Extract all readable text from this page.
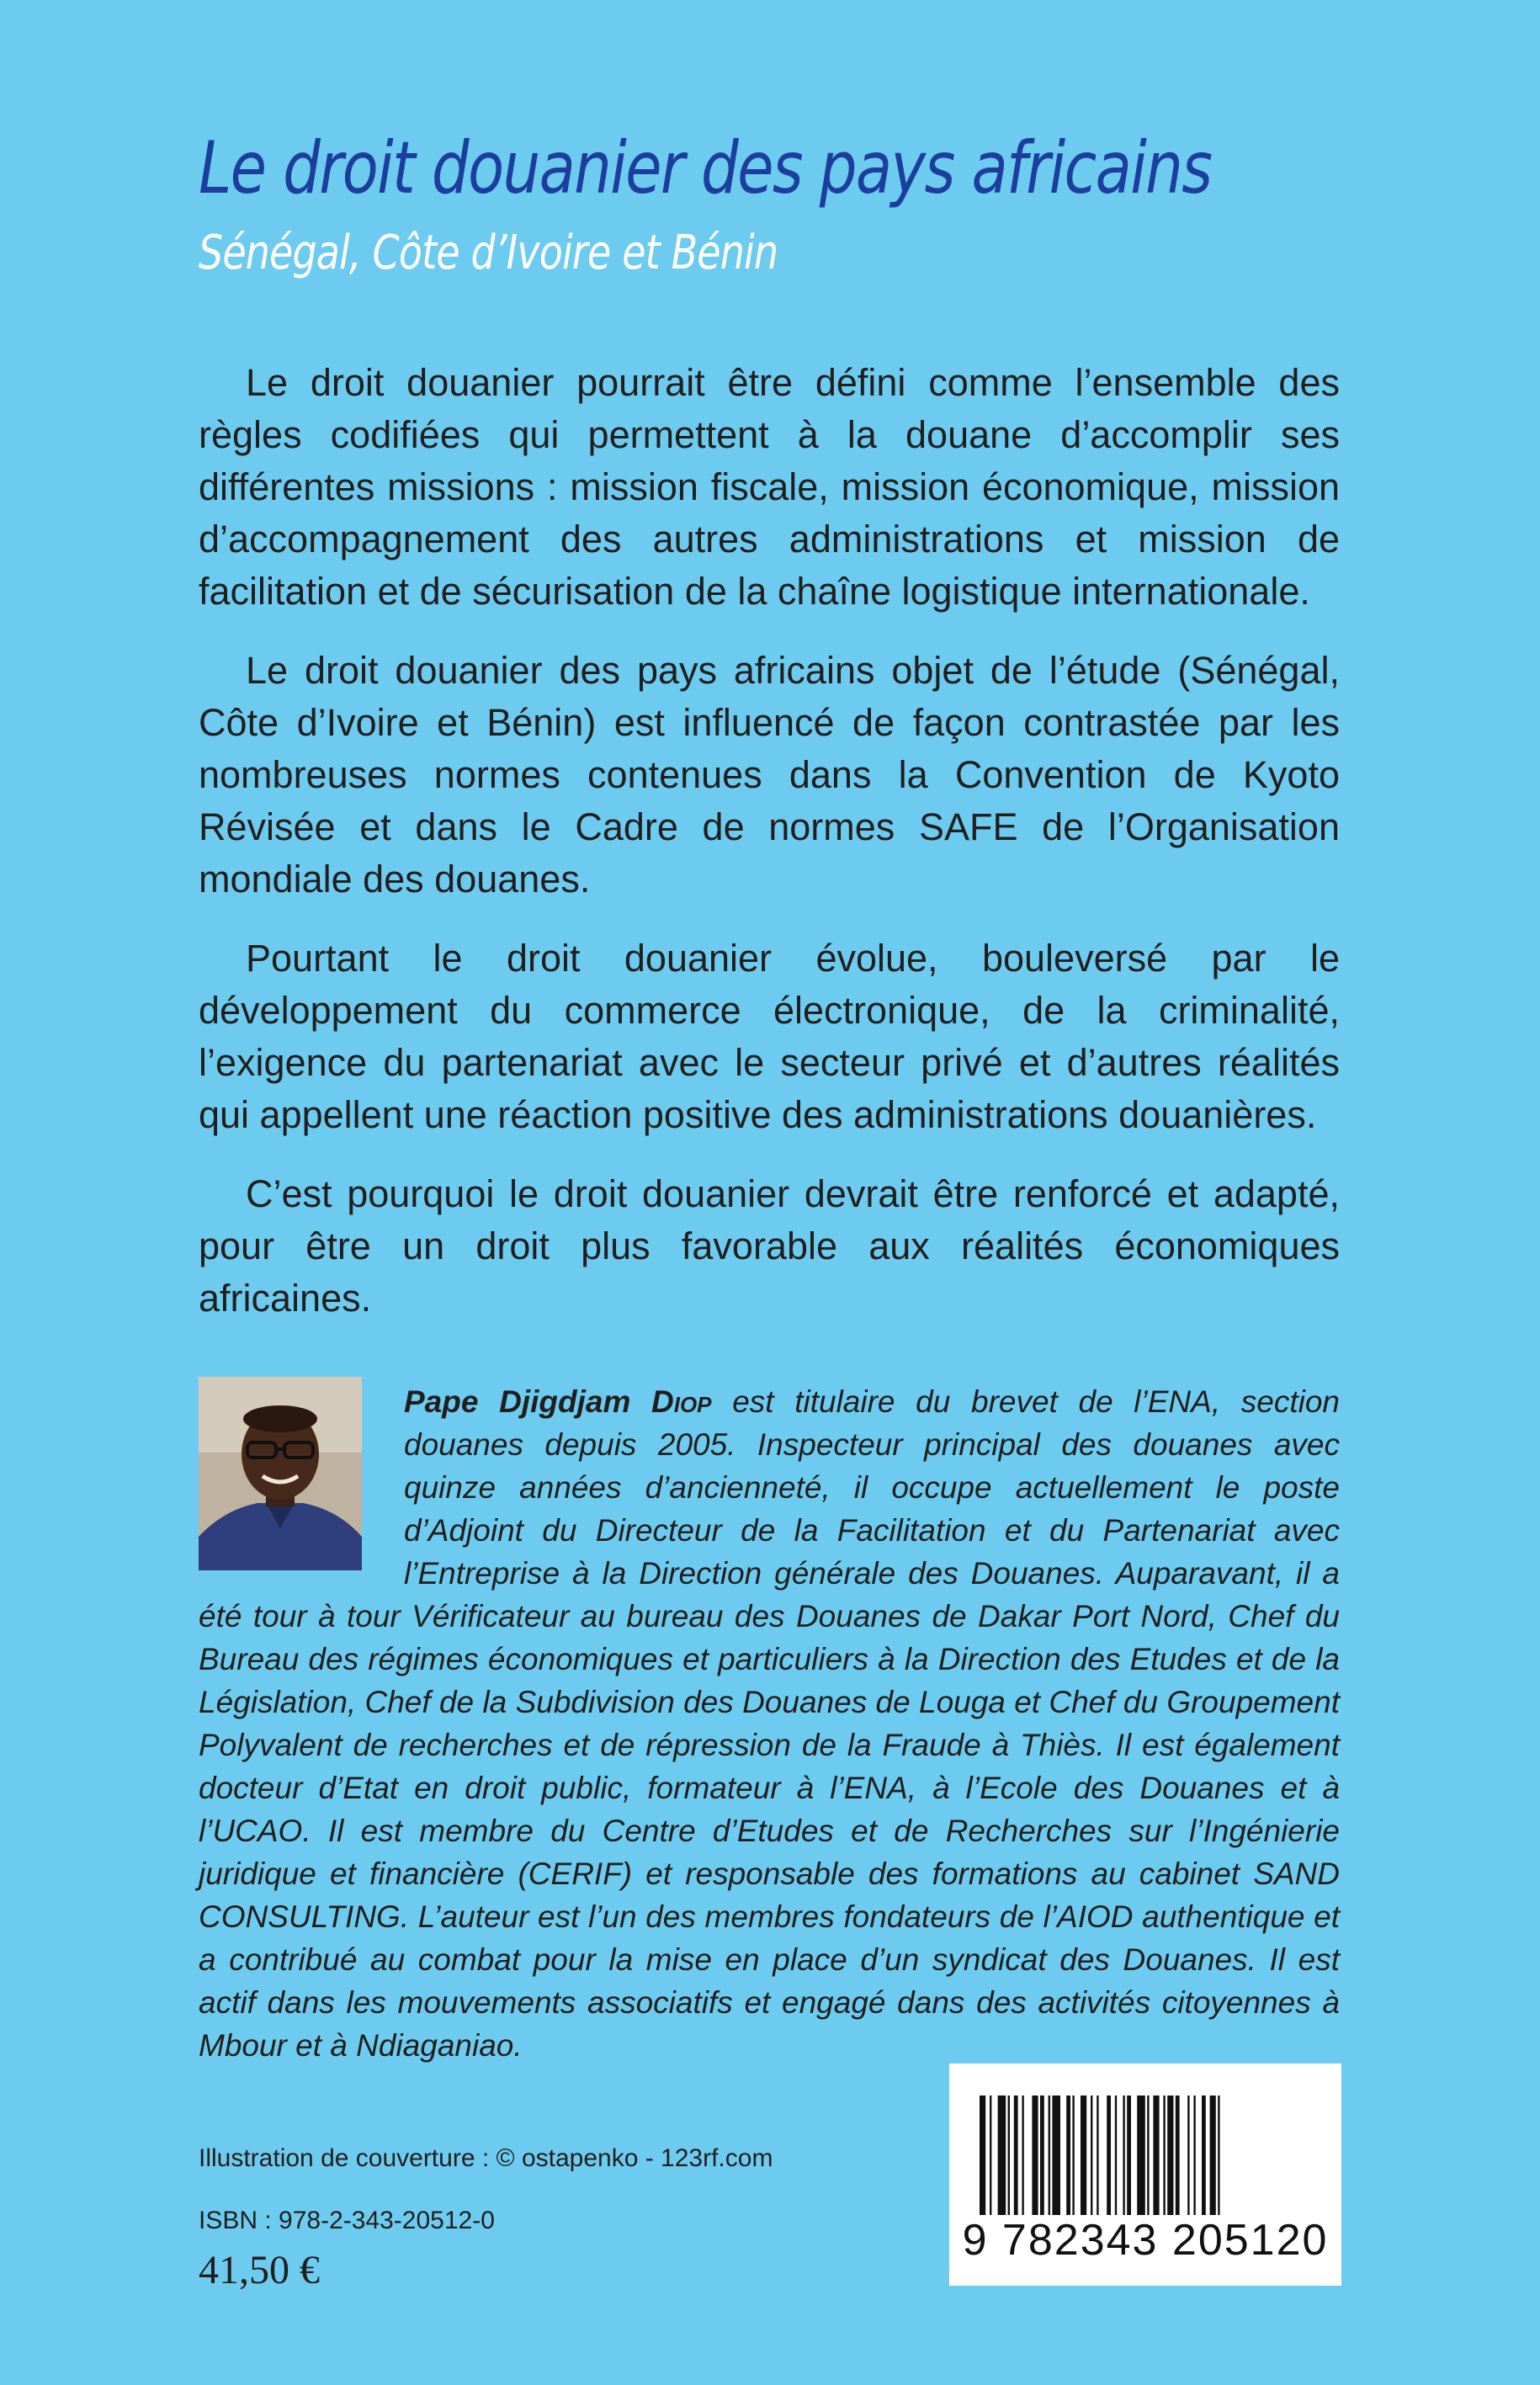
Le droit douanier des pays africains
Sénégal, Côte d’Ivoire et Bénin

Le droit douanier pourrait être défini comme l’ensemble des règles codifiées qui permettent à la douane d’accomplir ses différentes missions : mission fiscale, mission économique, mission d’accompagnement des autres administrations et mission de facilitation et de sécurisation de la chaîne logistique internationale.

Le droit douanier des pays africains objet de l’étude (Sénégal, Côte d’Ivoire et Bénin) est influencé de façon contrastée par les nombreuses normes contenues dans la Convention de Kyoto Révisée et dans le Cadre de normes SAFE de l’Organisation mondiale des douanes.

Pourtant le droit douanier évolue, bouleversé par le développement du commerce électronique, de la criminalité, l’exigence du partenariat avec le secteur privé et d’autres réalités qui appellent une réaction positive des administrations douanières.

C’est pourquoi le droit douanier devrait être renforcé et adapté, pour être un droit plus favorable aux réalités économiques africaines.

Pape Djigdjam Diop est titulaire du brevet de l’ENA, section douanes depuis 2005. Inspecteur principal des douanes avec quinze années d’ancienneté, il occupe actuellement le poste d’Adjoint du Directeur de la Facilitation et du Partenariat avec l’Entreprise à la Direction générale des Douanes. Auparavant, il a été tour à tour Vérificateur au bureau des Douanes de Dakar Port Nord, Chef du Bureau des régimes économiques et particuliers à la Direction des Etudes et de la Législation, Chef de la Subdivision des Douanes de Louga et Chef du Groupement Polyvalent de recherches et de répression de la Fraude à Thiès. Il est également docteur d’Etat en droit public, formateur à l’ENA, à l’Ecole des Douanes et à l’UCAO. Il est membre du Centre d’Etudes et de Recherches sur l’Ingénierie juridique et financière (CERIF) et responsable des formations au cabinet SAND CONSULTING. L’auteur est l’un des membres fondateurs de l’AIOD authentique et a contribué au combat pour la mise en place d’un syndicat des Douanes. Il est actif dans les mouvements associatifs et engagé dans des activités citoyennes à Mbour et à Ndiaganiao.

Illustration de couverture : © ostapenko - 123rf.com

ISBN : 978-2-343-20512-0

41,50 €

9 782343 205120
